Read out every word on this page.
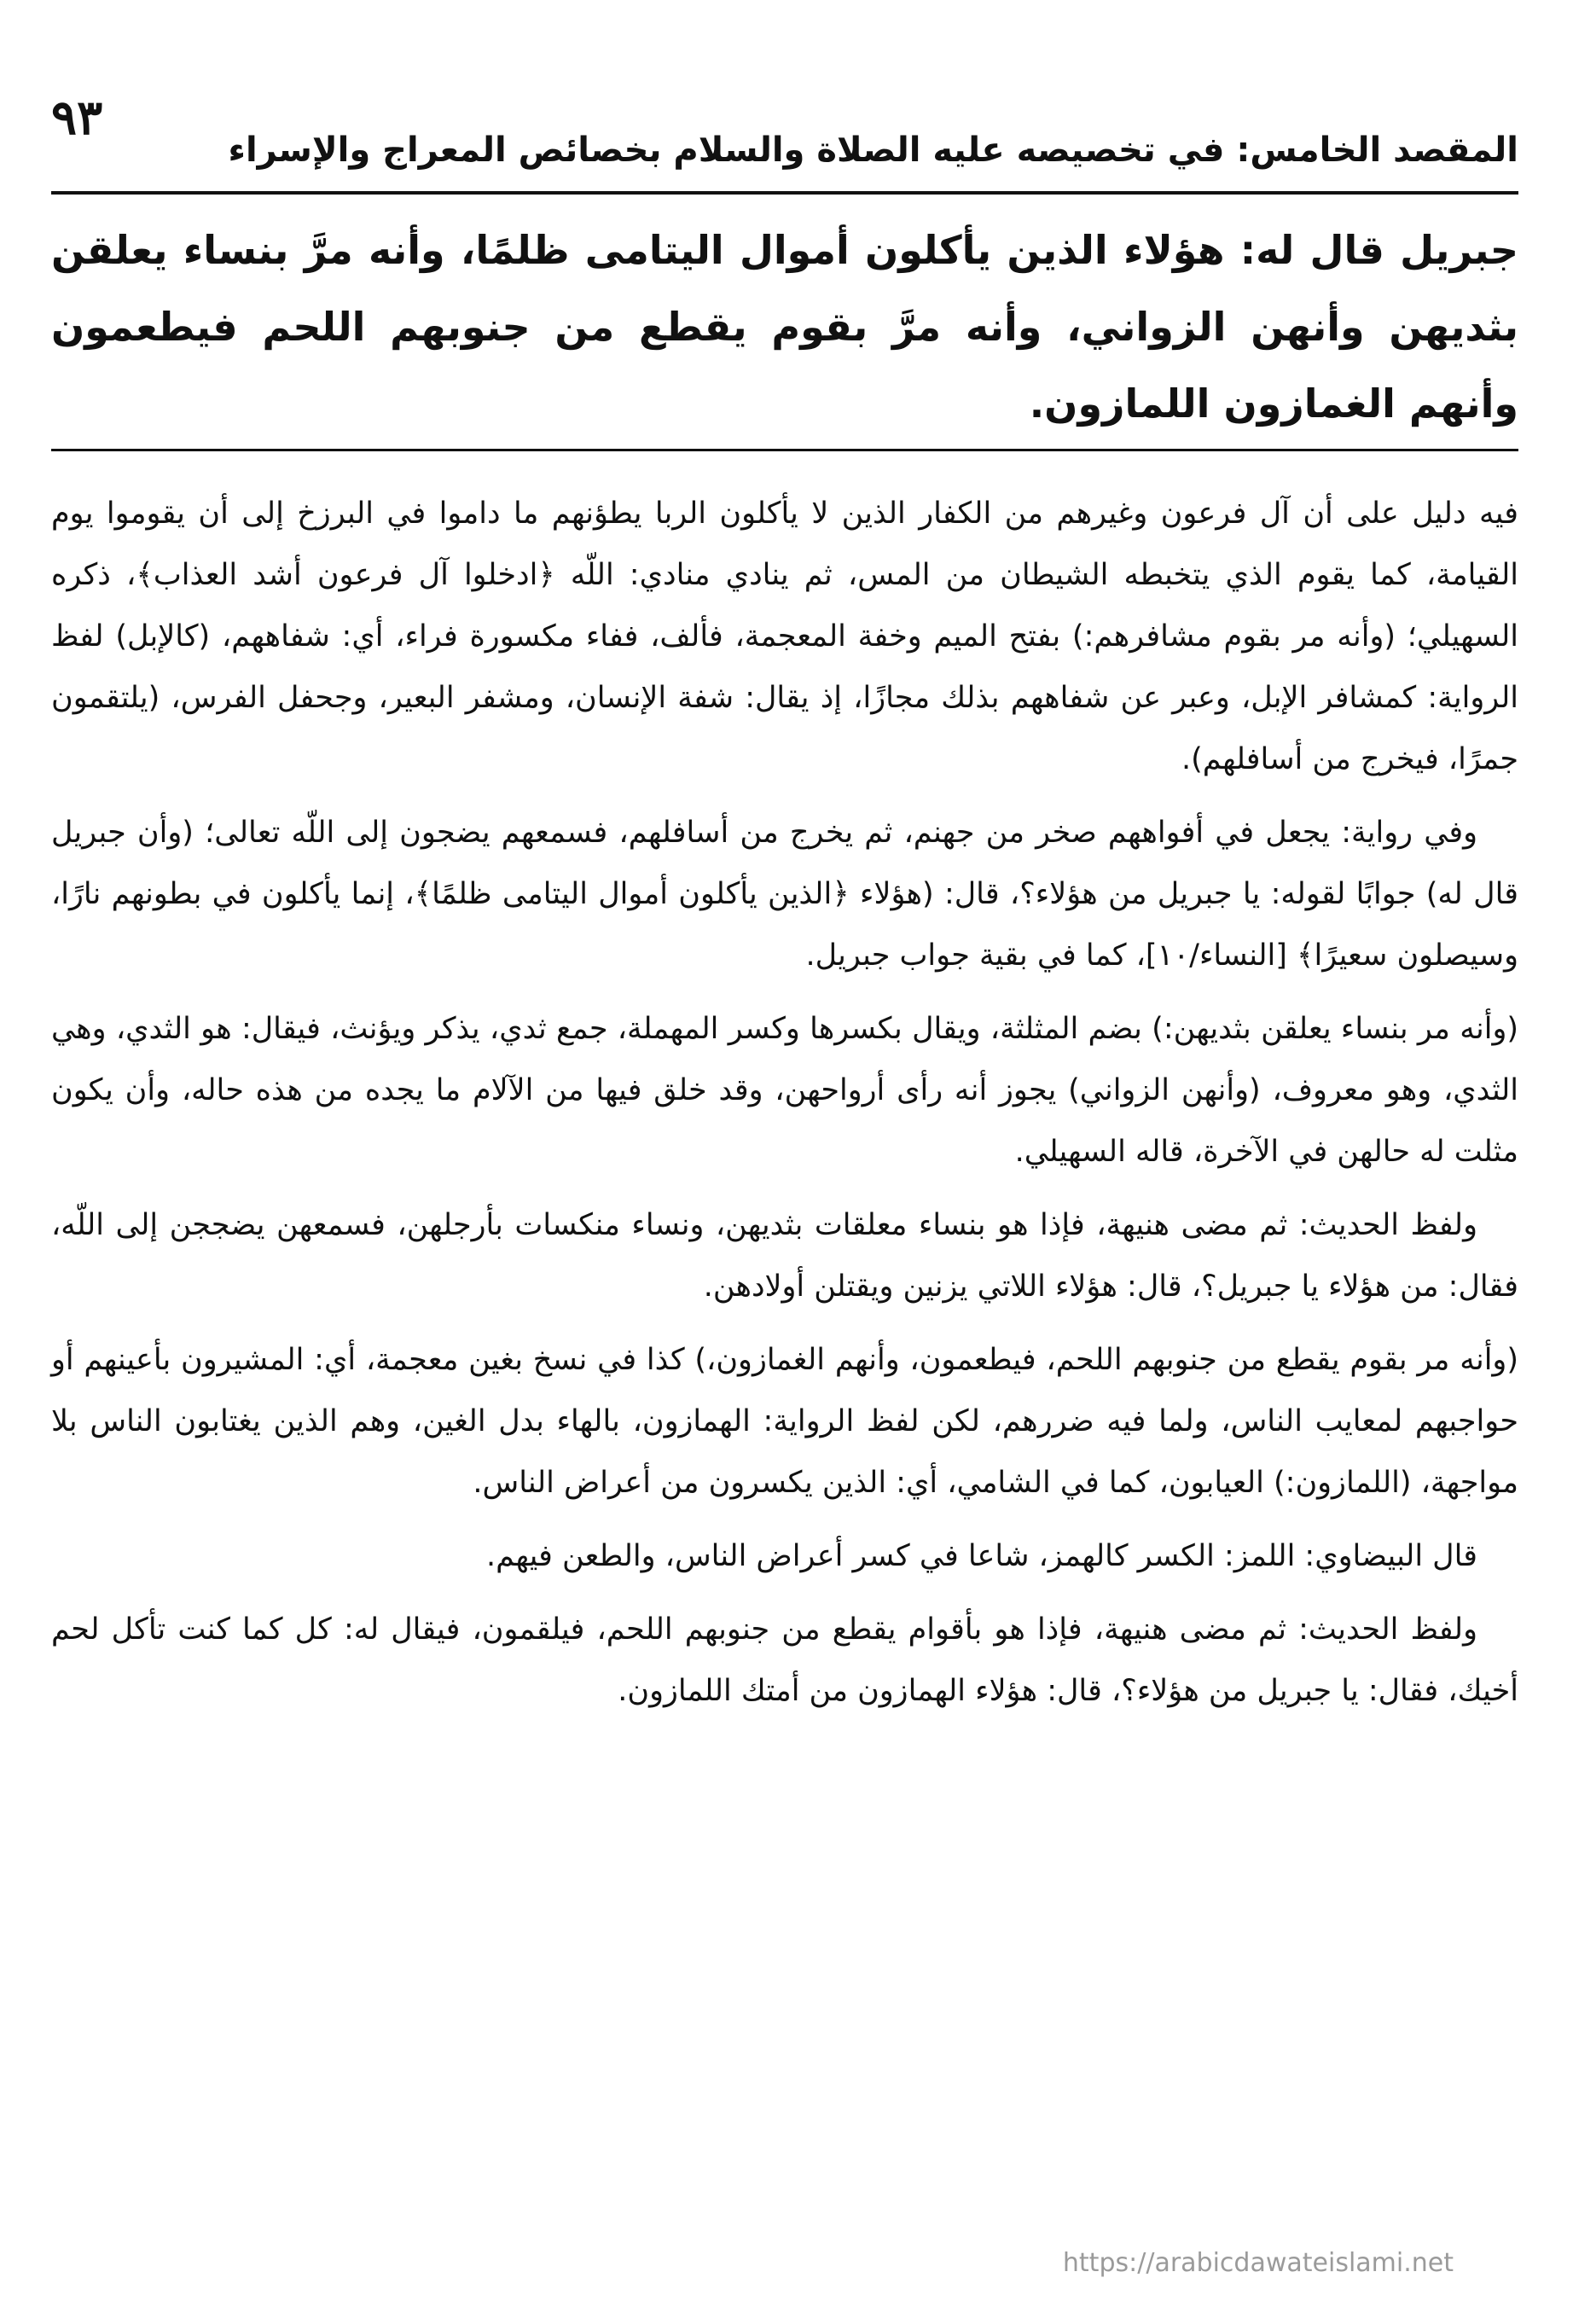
٩٣
المقصد الخامس: في تخصيصه عليه الصلاة والسلام بخصائص المعراج والإسراء
جبريل قال له: هؤلاء الذين يأكلون أموال اليتامى ظلمًا، وأنه مرَّ بنساء يعلقن بثديهن وأنهن الزواني، وأنه مرَّ بقوم يقطع من جنوبهم اللحم فيطعمون وأنهم الغمازون اللمازون.

فيه دليل على أن آل فرعون وغيرهم من الكفار الذين لا يأكلون الربا يطؤنهم ما داموا في البرزخ إلى أن يقوموا يوم القيامة، كما يقوم الذي يتخبطه الشيطان من المس، ثم ينادي منادي: اللّه ﴿ادخلوا آل فرعون أشد العذاب﴾، ذكره السهيلي؛ (وأنه مر بقوم مشافرهم:) بفتح الميم وخفة المعجمة، فألف، ففاء مكسورة فراء، أي: شفاههم، (كالإبل) لفظ الرواية: كمشافر الإبل، وعبر عن شفاههم بذلك مجازًا، إذ يقال: شفة الإنسان، ومشفر البعير، وجحفل الفرس، (يلتقمون جمرًا، فيخرج من أسافلهم).

وفي رواية: يجعل في أفواههم صخر من جهنم، ثم يخرج من أسافلهم، فسمعهم يضجون إلى اللّه تعالى؛ (وأن جبريل قال له) جوابًا لقوله: يا جبريل من هؤلاء؟، قال: (هؤلاء ﴿الذين يأكلون أموال اليتامى ظلمًا﴾، إنما يأكلون في بطونهم نارًا، وسيصلون سعيرًا﴾ [النساء/١٠]، كما في بقية جواب جبريل.

(وأنه مر بنساء يعلقن بثديهن:) بضم المثلثة، ويقال بكسرها وكسر المهملة، جمع ثدي، يذكر ويؤنث، فيقال: هو الثدي، وهي الثدي، وهو معروف، (وأنهن الزواني) يجوز أنه رأى أرواحهن، وقد خلق فيها من الآلام ما يجده من هذه حاله، وأن يكون مثلت له حالهن في الآخرة، قاله السهيلي.

ولفظ الحديث: ثم مضى هنيهة، فإذا هو بنساء معلقات بثديهن، ونساء منكسات بأرجلهن، فسمعهن يضججن إلى اللّه، فقال: من هؤلاء يا جبريل؟، قال: هؤلاء اللاتي يزنين ويقتلن أولادهن.

(وأنه مر بقوم يقطع من جنوبهم اللحم، فيطعمون، وأنهم الغمازون،) كذا في نسخ بغين معجمة، أي: المشيرون بأعينهم أو حواجبهم لمعايب الناس، ولما فيه ضررهم، لكن لفظ الرواية: الهمازون، بالهاء بدل الغين، وهم الذين يغتابون الناس بلا مواجهة، (اللمازون:) العيابون، كما في الشامي، أي: الذين يكسرون من أعراض الناس.

قال البيضاوي: اللمز: الكسر كالهمز، شاعا في كسر أعراض الناس، والطعن فيهم.

ولفظ الحديث: ثم مضى هنيهة، فإذا هو بأقوام يقطع من جنوبهم اللحم، فيلقمون، فيقال له: كل كما كنت تأكل لحم أخيك، فقال: يا جبريل من هؤلاء؟، قال: هؤلاء الهمازون من أمتك اللمازون.

https://arabicdawateislami.net
